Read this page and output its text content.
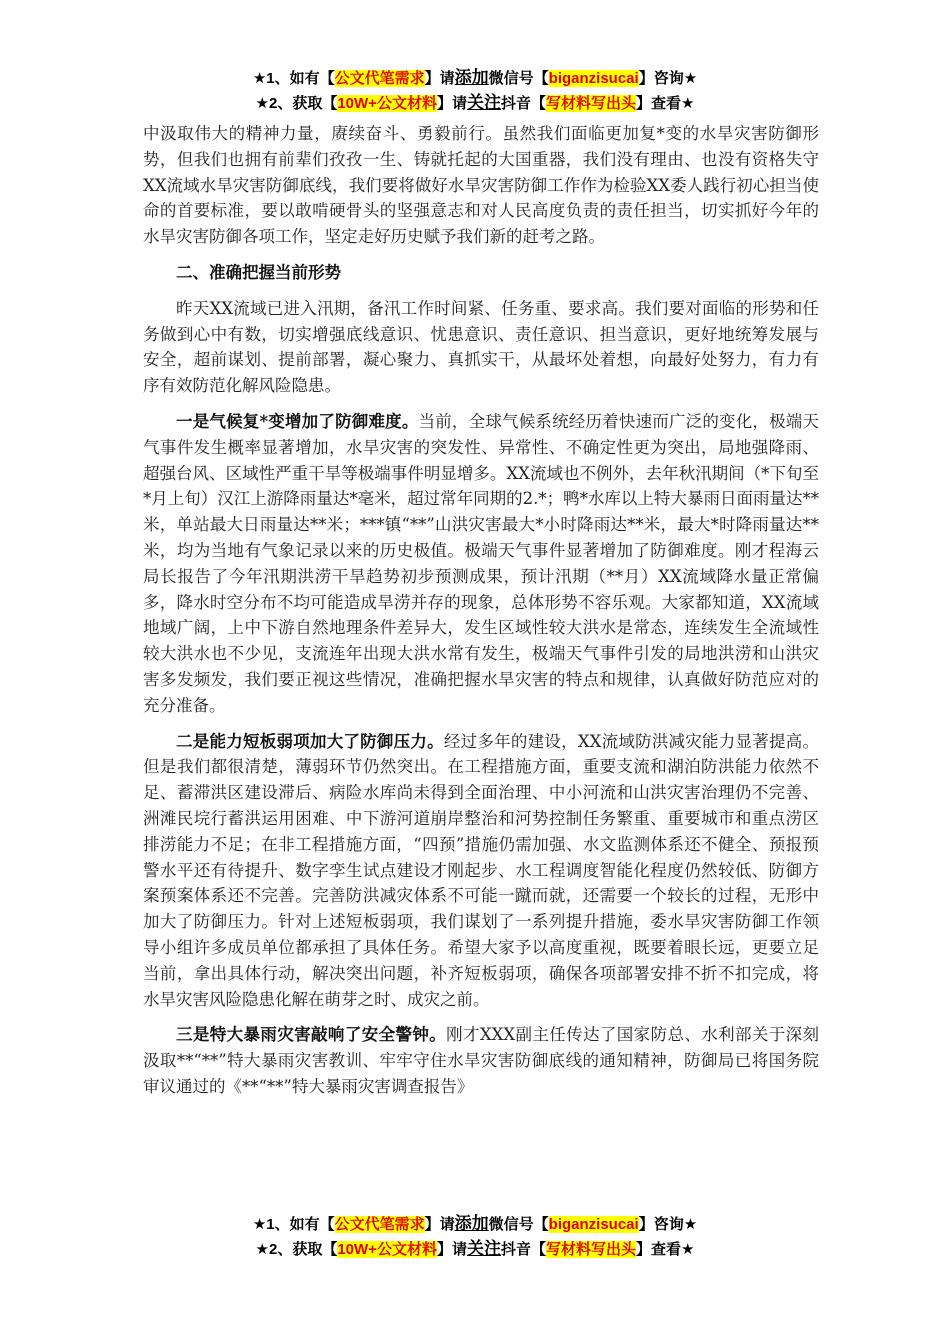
★1、如有【公文代笔需求】请添加微信号【biganzisucai】咨询★
★2、获取【10W+公文材料】请关注抖音【写材料写出头】查看★

中汲取伟大的精神力量，赓续奋斗、勇毅前行。虽然我们面临更加复*变的水旱灾害防御形势，但我们也拥有前辈们孜孜一生、铸就托起的大国重器，我们没有理由、也没有资格失守XX流域水旱灾害防御底线，我们要将做好水旱灾害防御工作作为检验XX委人践行初心担当使命的首要标准，要以敢啃硬骨头的坚强意志和对人民高度负责的责任担当，切实抓好今年的水旱灾害防御各项工作，坚定走好历史赋予我们新的赶考之路。

二、准确把握当前形势

昨天XX流域已进入汛期，备汛工作时间紧、任务重、要求高。我们要对面临的形势和任务做到心中有数，切实增强底线意识、忧患意识、责任意识、担当意识，更好地统筹发展与安全，超前谋划、提前部署，凝心聚力、真抓实干，从最坏处着想，向最好处努力，有力有序有效防范化解风险隐患。

一是气候复*变增加了防御难度。当前，全球气候系统经历着快速而广泛的变化，极端天气事件发生概率显著增加，水旱灾害的突发性、异常性、不确定性更为突出，局地强降雨、超强台风、区域性严重干旱等极端事件明显增多。XX流域也不例外，去年秋汛期间（*下旬至*月上旬）汉江上游降雨量达*毫米，超过常年同期的2.*；鸭*水库以上特大暴雨日面雨量达**米，单站最大日雨量达**米；***镇“**”山洪灾害最大*小时降雨达**米，最大*时降雨量达**米，均为当地有气象记录以来的历史极值。极端天气事件显著增加了防御难度。刚才程海云局长报告了今年汛期洪涝干旱趋势初步预测成果，预计汛期（**月）XX流域降水量正常偏多，降水时空分布不均可能造成旱涝并存的现象，总体形势不容乐观。大家都知道，XX流域地域广阔，上中下游自然地理条件差异大，发生区域性较大洪水是常态，连续发生全流域性较大洪水也不少见，支流连年出现大洪水常有发生，极端天气事件引发的局地洪涝和山洪灾害多发频发，我们要正视这些情况，准确把握水旱灾害的特点和规律，认真做好防范应对的充分准备。

二是能力短板弱项加大了防御压力。经过多年的建设，XX流域防洪减灾能力显著提高。但是我们都很清楚，薄弱环节仍然突出。在工程措施方面，重要支流和湖泊防洪能力依然不足、蓄滞洪区建设滞后、病险水库尚未得到全面治理、中小河流和山洪灾害治理仍不完善、洲滩民垸行蓄洪运用困难、中下游河道崩岸整治和河势控制任务繁重、重要城市和重点涝区排涝能力不足；在非工程措施方面，“四预”措施仍需加强、水文监测体系还不健全、预报预警水平还有待提升、数字孪生试点建设才刚起步、水工程调度智能化程度仍然较低、防御方案预案体系还不完善。完善防洪减灾体系不可能一蹴而就，还需要一个较长的过程，无形中加大了防御压力。针对上述短板弱项，我们谋划了一系列提升措施，委水旱灾害防御工作领导小组许多成员单位都承担了具体任务。希望大家予以高度重视，既要着眼长远，更要立足当前，拿出具体行动，解决突出问题，补齐短板弱项，确保各项部署安排不折不扣完成，将水旱灾害风险隐患化解在萌芽之时、成灾之前。

三是特大暴雨灾害敲响了安全警钟。刚才XXX副主任传达了国家防总、水利部关于深刻汲取**“**”特大暴雨灾害教训、牢牢守住水旱灾害防御底线的通知精神，防御局已将国务院审议通过的《**“**”特大暴雨灾害调查报告》

★1、如有【公文代笔需求】请添加微信号【biganzisucai】咨询★
★2、获取【10W+公文材料】请关注抖音【写材料写出头】查看★
